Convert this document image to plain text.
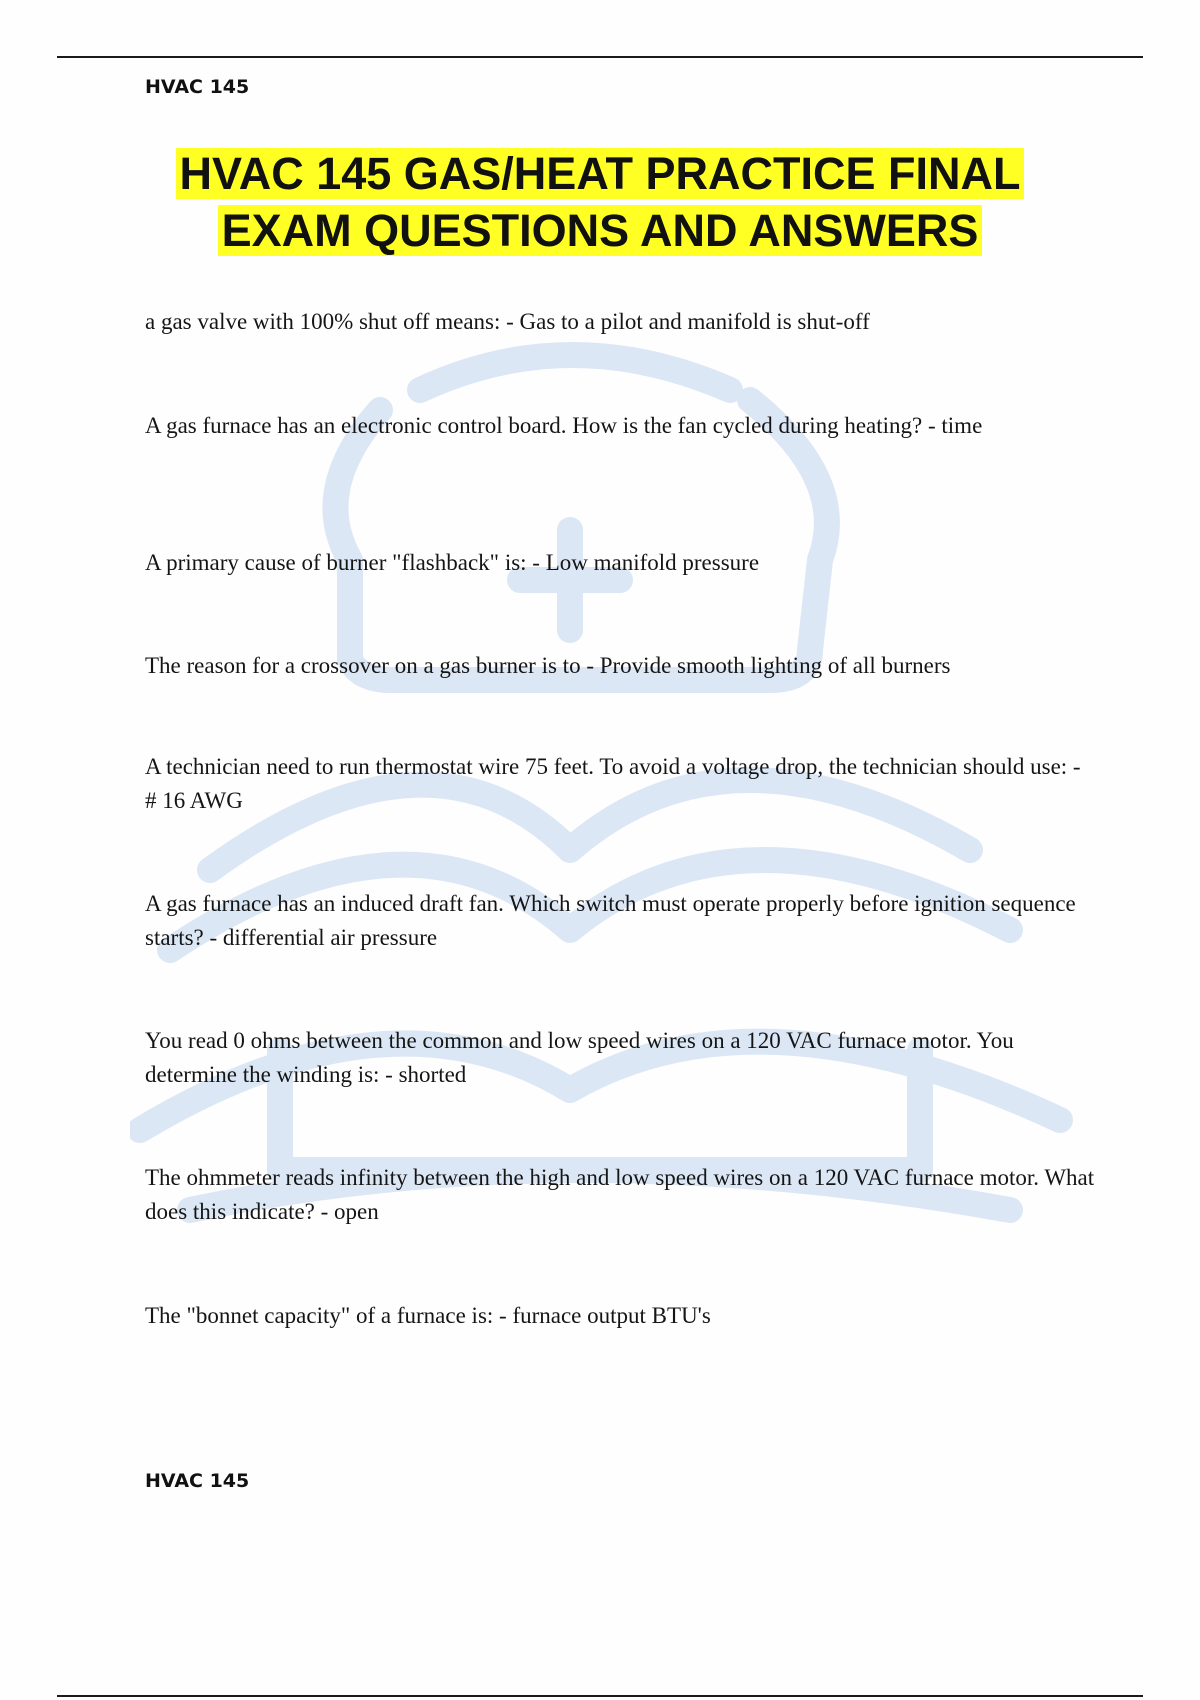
HVAC 145
HVAC 145 GAS/HEAT PRACTICE FINAL
EXAM QUESTIONS AND ANSWERS
a gas valve with 100% shut off means: - Gas to a pilot and manifold is shut-off
A gas furnace has an electronic control board. How is the fan cycled during heating? - time
A primary cause of burner "flashback" is: - Low manifold pressure
The reason for a crossover on a gas burner is to - Provide smooth lighting of all burners
A technician need to run thermostat wire 75 feet. To avoid a voltage drop, the technician should use: - # 16 AWG
A gas furnace has an induced draft fan. Which switch must operate properly before ignition sequence starts? - differential air pressure
You read 0 ohms between the common and low speed wires on a 120 VAC furnace motor. You determine the winding is: - shorted
The ohmmeter reads infinity between the high and low speed wires on a 120 VAC furnace motor. What does this indicate? - open
The "bonnet capacity" of a furnace is: - furnace output BTU's
HVAC 145
